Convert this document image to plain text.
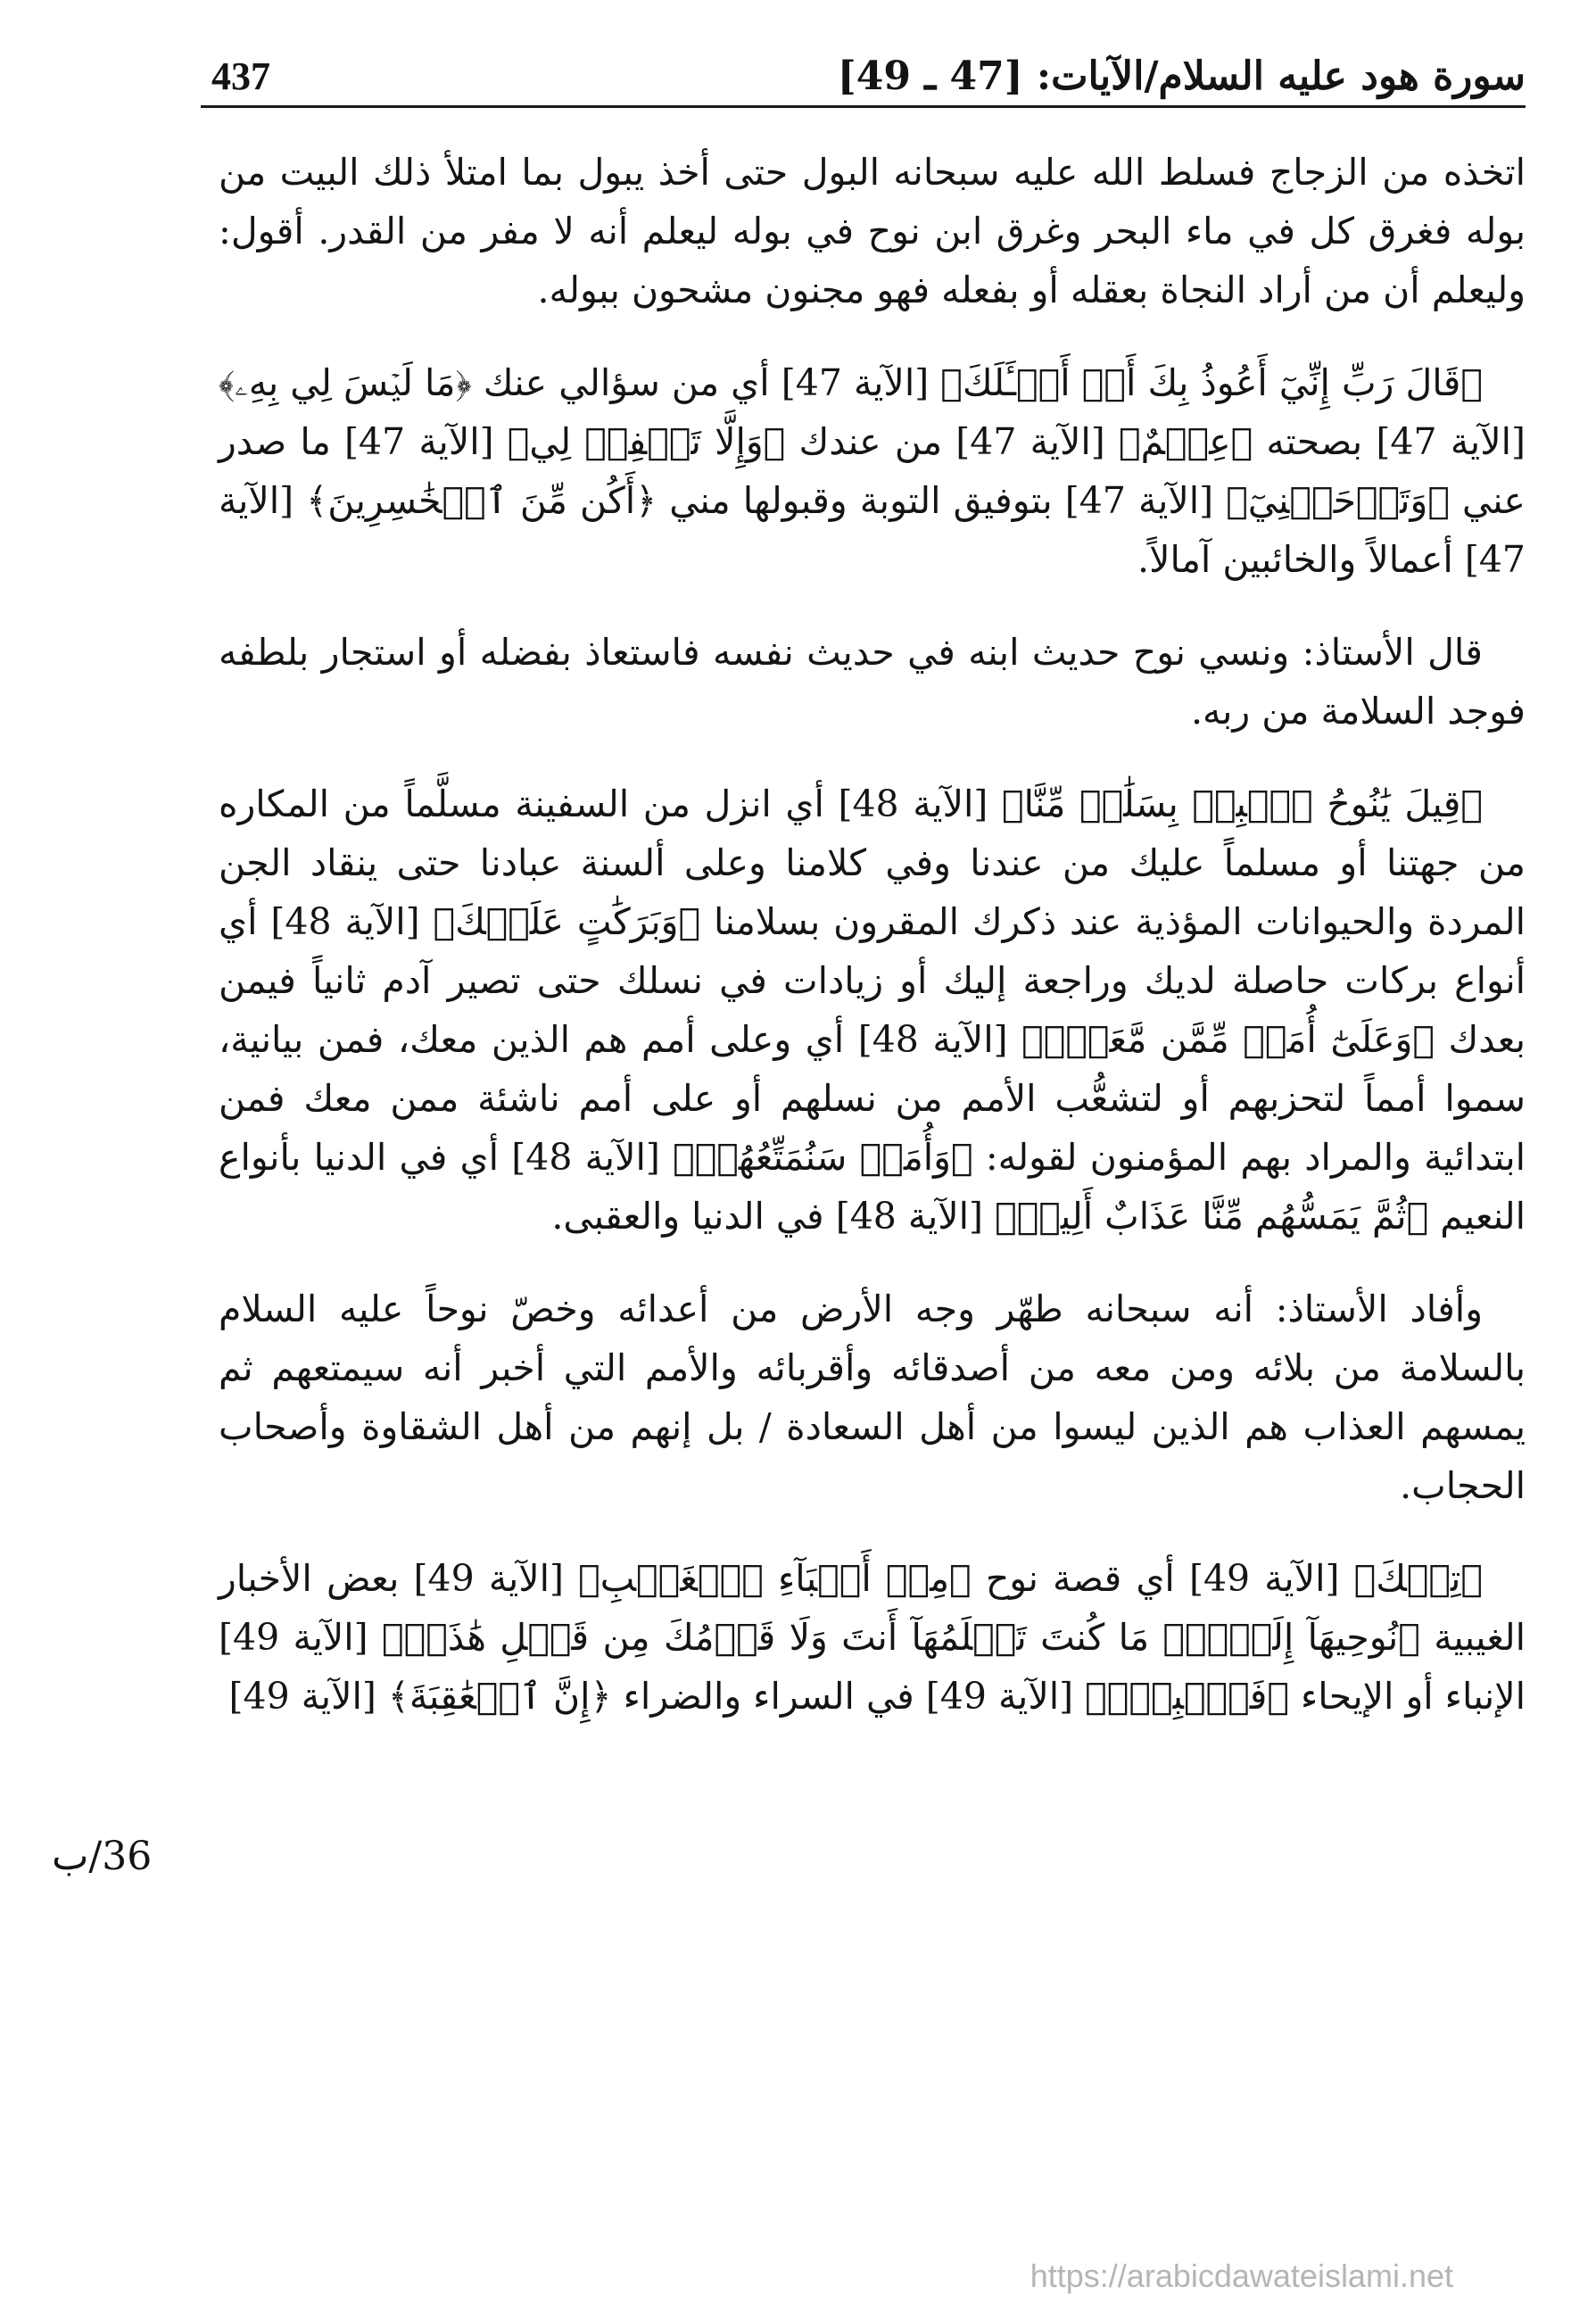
سورة هود عليه السلام/الآيات: [47 ـ 49]
437

اتخذه من الزجاج فسلط الله عليه سبحانه البول حتى أخذ يبول بما امتلأ ذلك البيت من بوله فغرق كل في ماء البحر وغرق ابن نوح في بوله ليعلم أنه لا مفر من القدر. أقول: وليعلم أن من أراد النجاة بعقله أو بفعله فهو مجنون مشحون ببوله.

﴿قَالَ رَبِّ إِنِّيٓ أَعُوذُ بِكَ أَنۡ أَسۡـَٔلَكَ﴾ [الآية 47] أي من سؤالي عنك ﴿مَا لَيۡسَ لِي بِهِۦ﴾ [الآية 47] بصحته ﴿عِلۡمٌ﴾ [الآية 47] من عندك ﴿وَإِلَّا تَغۡفِرۡ لِي﴾ [الآية 47] ما صدر عني ﴿وَتَرۡحَمۡنِيٓ﴾ [الآية 47] بتوفيق التوبة وقبولها مني ﴿أَكُن مِّنَ ٱلۡخَٰسِرِينَ﴾ [الآية 47] أعمالاً والخائبين آمالاً.

قال الأستاذ: ونسي نوح حديث ابنه في حديث نفسه فاستعاذ بفضله أو استجار بلطفه فوجد السلامة من ربه.

﴿قِيلَ يَٰنُوحُ ٱهۡبِطۡ بِسَلَٰمٖ مِّنَّا﴾ [الآية 48] أي انزل من السفينة مسلَّماً من المكاره من جهتنا أو مسلماً عليك من عندنا وفي كلامنا وعلى ألسنة عبادنا حتى ينقاد الجن المردة والحيوانات المؤذية عند ذكرك المقرون بسلامنا ﴿وَبَرَكَٰتٍ عَلَيۡكَ﴾ [الآية 48] أي أنواع بركات حاصلة لديك وراجعة إليك أو زيادات في نسلك حتى تصير آدم ثانياً فيمن بعدك ﴿وَعَلَىٰٓ أُمَمٖ مِّمَّن مَّعَكَۚ﴾ [الآية 48] أي وعلى أمم هم الذين معك، فمن بيانية، سموا أمماً لتحزبهم أو لتشعُّب الأمم من نسلهم أو على أمم ناشئة ممن معك فمن ابتدائية والمراد بهم المؤمنون لقوله: ﴿وَأُمَمٞ سَنُمَتِّعُهُمۡ﴾ [الآية 48] أي في الدنيا بأنواع النعيم ﴿ثُمَّ يَمَسُّهُم مِّنَّا عَذَابٌ أَلِيمٞ﴾ [الآية 48] في الدنيا والعقبى.

وأفاد الأستاذ: أنه سبحانه طهّر وجه الأرض من أعدائه وخصّ نوحاً عليه السلام بالسلامة من بلائه ومن معه من أصدقائه وأقربائه والأمم التي أخبر أنه سيمتعهم ثم يمسهم العذاب هم الذين ليسوا من أهل السعادة / بل إنهم من أهل الشقاوة وأصحاب الحجاب.

﴿تِلۡكَ﴾ [الآية 49] أي قصة نوح ﴿مِنۡ أَنۢبَآءِ ٱلۡغَيۡبِ﴾ [الآية 49] بعض الأخبار الغيبية ﴿نُوحِيهَآ إِلَيۡكَۖ مَا كُنتَ تَعۡلَمُهَآ أَنتَ وَلَا قَوۡمُكَ مِن قَبۡلِ هَٰذَاۖ﴾ [الآية 49] الإنباء أو الإيحاء ﴿فَٱصۡبِرۡۖ﴾ [الآية 49] في السراء والضراء ﴿إِنَّ ٱلۡعَٰقِبَةَ﴾ [الآية 49]

36/ب
https://arabicdawateislami.net
